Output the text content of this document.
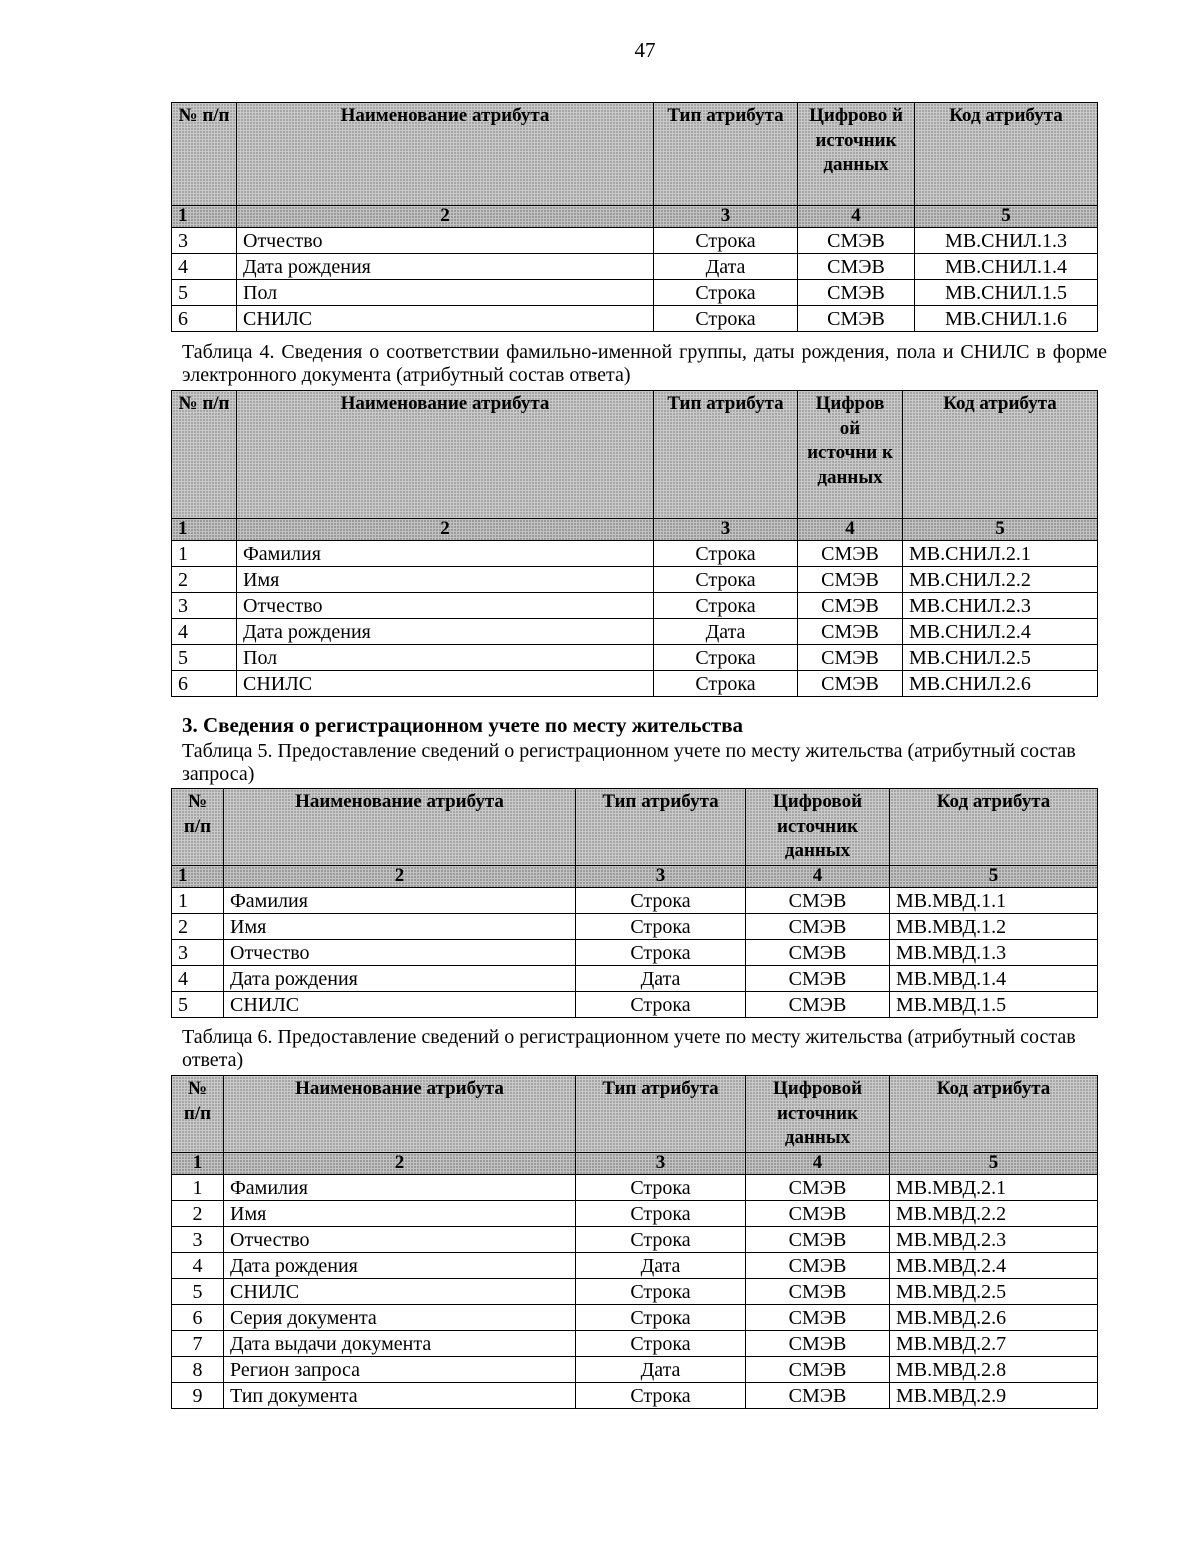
47
№ п/п	Наименование атрибута	Тип атрибута	Цифрово й источник данных	Код атрибута
1	2	3	4	5
3	Отчество	Строка	СМЭВ	МВ.СНИЛ.1.3
4	Дата рождения	Дата	СМЭВ	МВ.СНИЛ.1.4
5	Пол	Строка	СМЭВ	МВ.СНИЛ.1.5
6	СНИЛС	Строка	СМЭВ	МВ.СНИЛ.1.6
Таблица 4. Сведения о соответствии фамильно-именной группы, даты рождения, пола и СНИЛС в форме электронного документа (атрибутный состав ответа)
№ п/п	Наименование атрибута	Тип атрибута	Цифров ой источни к данных	Код атрибута
1	2	3	4	5
1	Фамилия	Строка	СМЭВ	МВ.СНИЛ.2.1
2	Имя	Строка	СМЭВ	МВ.СНИЛ.2.2
3	Отчество	Строка	СМЭВ	МВ.СНИЛ.2.3
4	Дата рождения	Дата	СМЭВ	МВ.СНИЛ.2.4
5	Пол	Строка	СМЭВ	МВ.СНИЛ.2.5
6	СНИЛС	Строка	СМЭВ	МВ.СНИЛ.2.6
3. Сведения о регистрационном учете по месту жительства
Таблица 5. Предоставление сведений о регистрационном учете по месту жительства (атрибутный состав запроса)
№ п/п	Наименование атрибута	Тип атрибута	Цифровой источник данных	Код атрибута
1	2	3	4	5
1	Фамилия	Строка	СМЭВ	МВ.МВД.1.1
2	Имя	Строка	СМЭВ	МВ.МВД.1.2
3	Отчество	Строка	СМЭВ	МВ.МВД.1.3
4	Дата рождения	Дата	СМЭВ	МВ.МВД.1.4
5	СНИЛС	Строка	СМЭВ	МВ.МВД.1.5
Таблица 6. Предоставление сведений о регистрационном учете по месту жительства (атрибутный состав ответа)
№ п/п	Наименование атрибута	Тип атрибута	Цифровой источник данных	Код атрибута
1	2	3	4	5
1	Фамилия	Строка	СМЭВ	МВ.МВД.2.1
2	Имя	Строка	СМЭВ	МВ.МВД.2.2
3	Отчество	Строка	СМЭВ	МВ.МВД.2.3
4	Дата рождения	Дата	СМЭВ	МВ.МВД.2.4
5	СНИЛС	Строка	СМЭВ	МВ.МВД.2.5
6	Серия документа	Строка	СМЭВ	МВ.МВД.2.6
7	Дата выдачи документа	Строка	СМЭВ	МВ.МВД.2.7
8	Регион запроса	Дата	СМЭВ	МВ.МВД.2.8
9	Тип документа	Строка	СМЭВ	МВ.МВД.2.9
